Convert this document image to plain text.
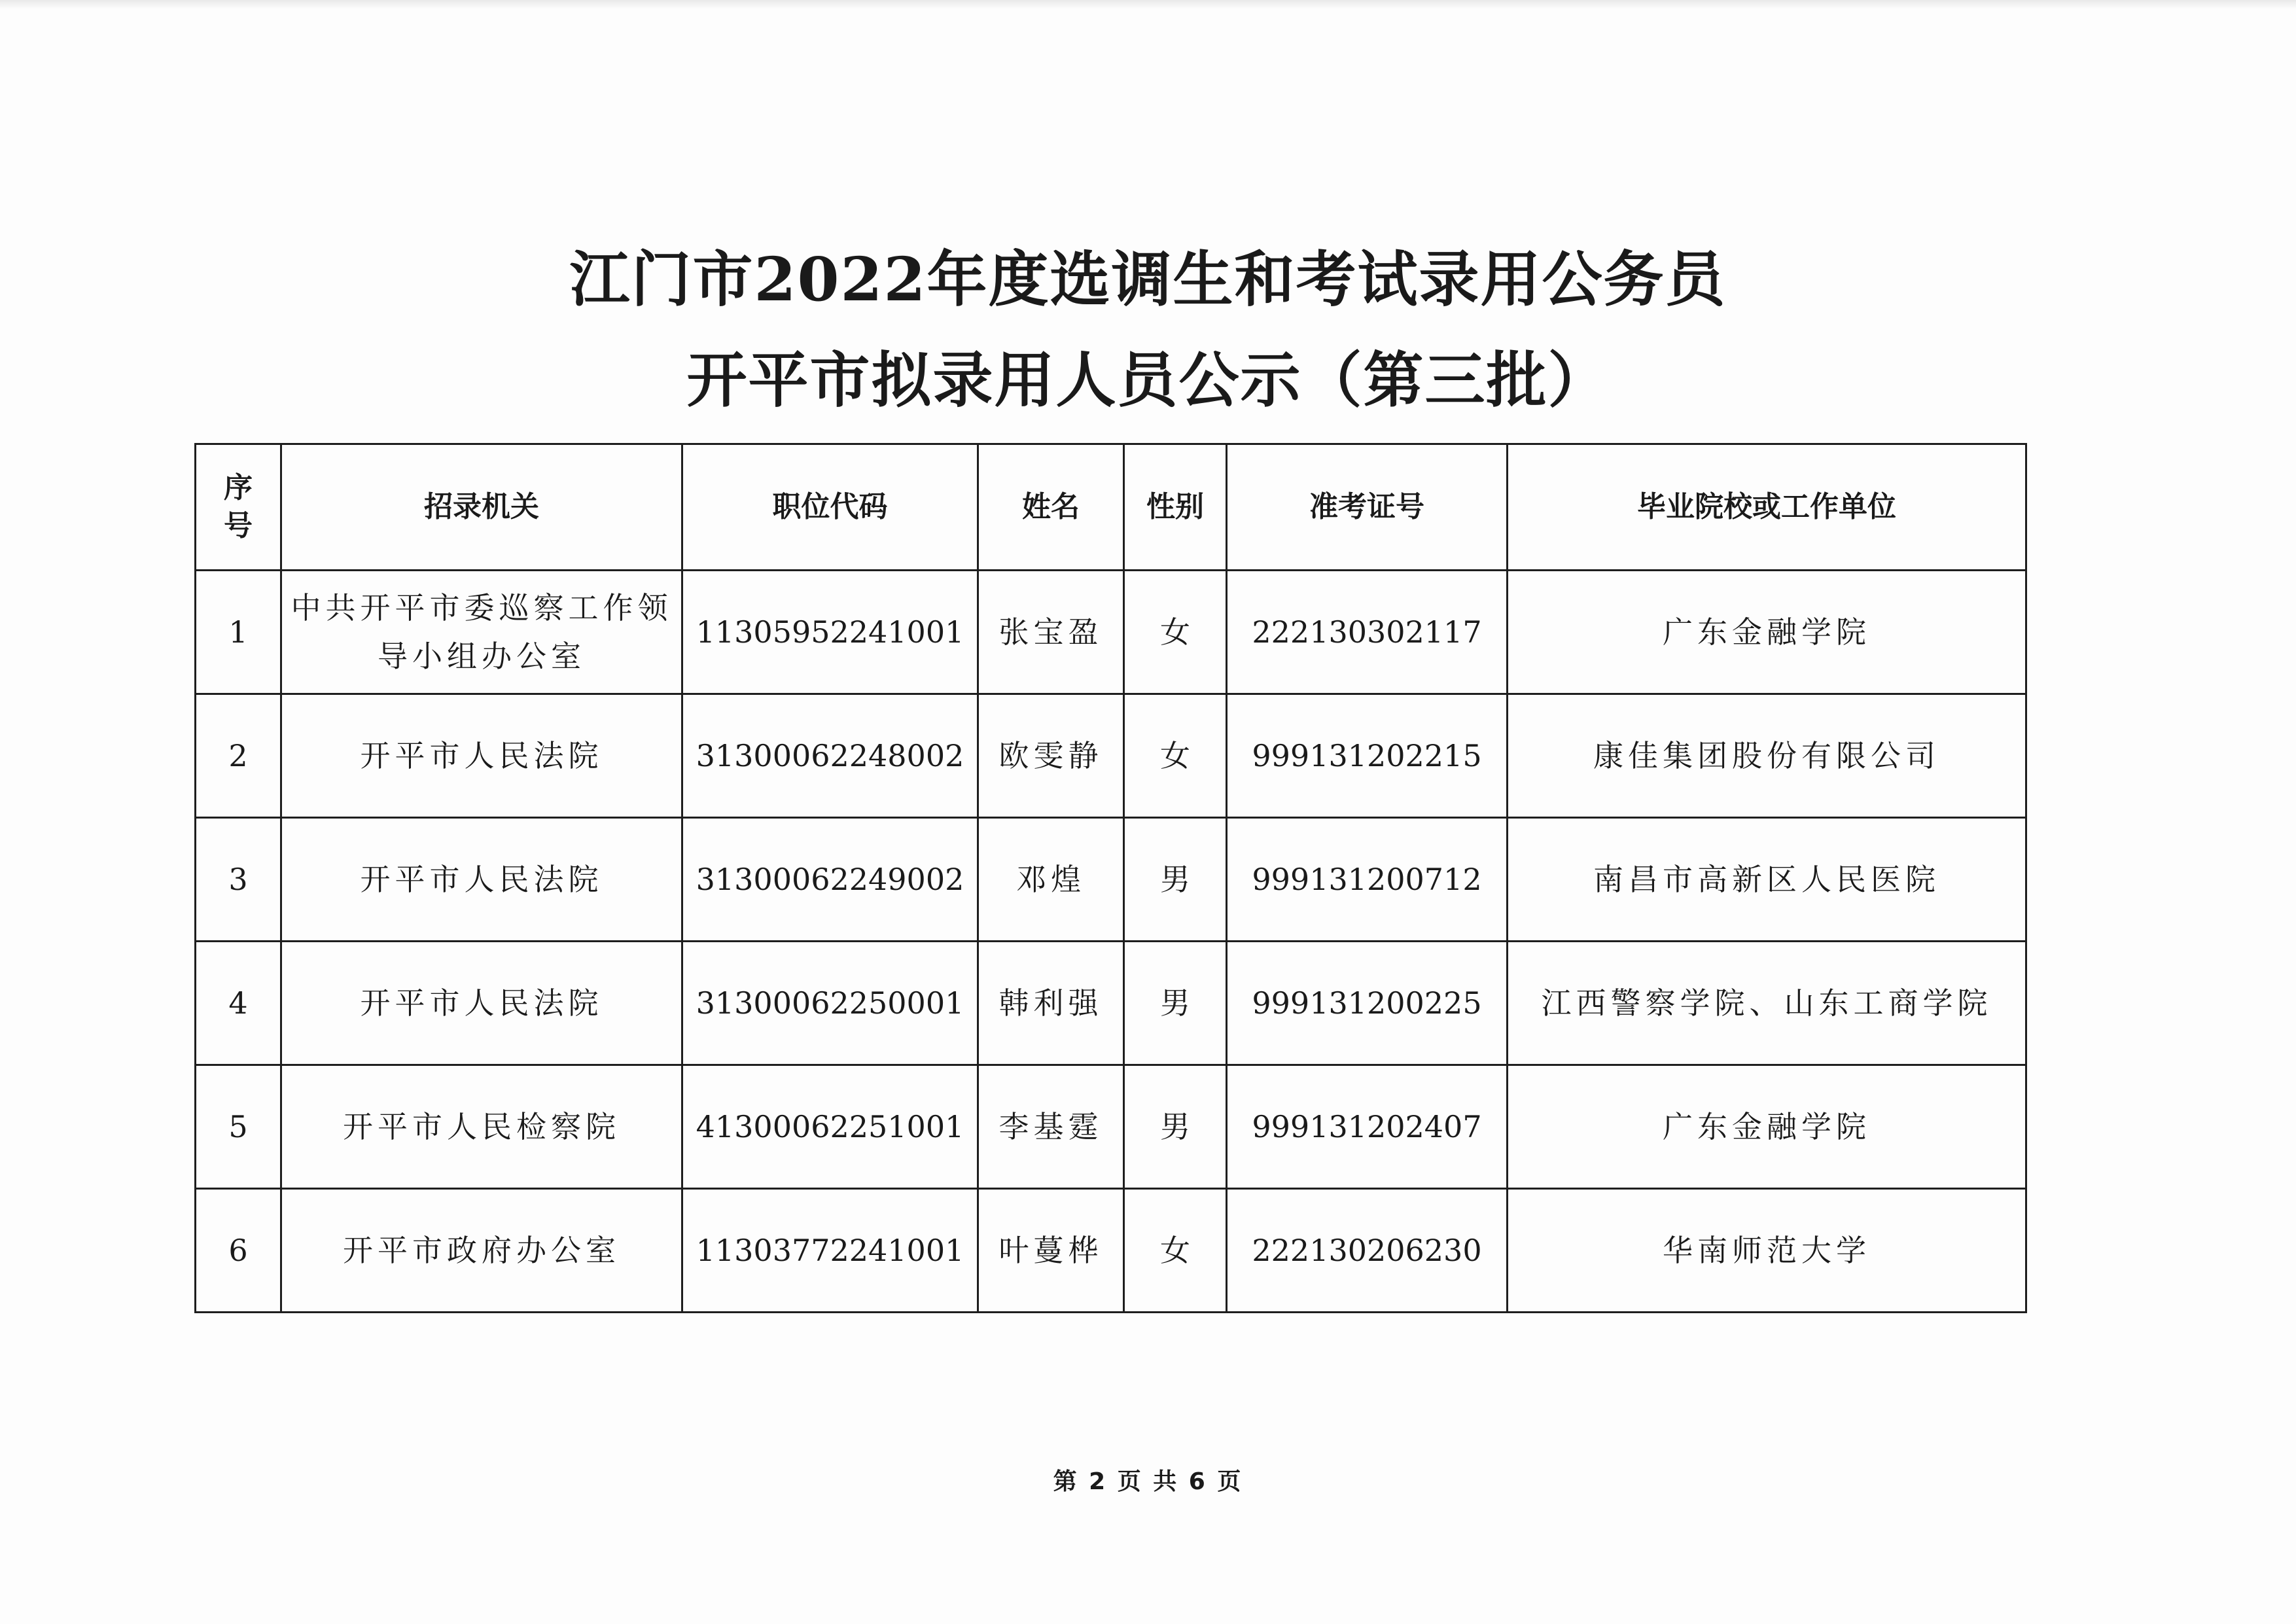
江门市2022年度选调生和考试录用公务员
开平市拟录用人员公示（第三批）
序
号	招录机关	职位代码	姓名	性别	准考证号	毕业院校或工作单位
1	中共开平市委巡察工作领导小组办公室	11305952241001	张宝盈	女	222130302117	广东金融学院
2	开平市人民法院	31300062248002	欧雯静	女	999131202215	康佳集团股份有限公司
3	开平市人民法院	31300062249002	邓煌	男	999131200712	南昌市高新区人民医院
4	开平市人民法院	31300062250001	韩利强	男	999131200225	江西警察学院、山东工商学院
5	开平市人民检察院	41300062251001	李基霆	男	999131202407	广东金融学院
6	开平市政府办公室	11303772241001	叶蔓桦	女	222130206230	华南师范大学
第 2 页 共 6 页
